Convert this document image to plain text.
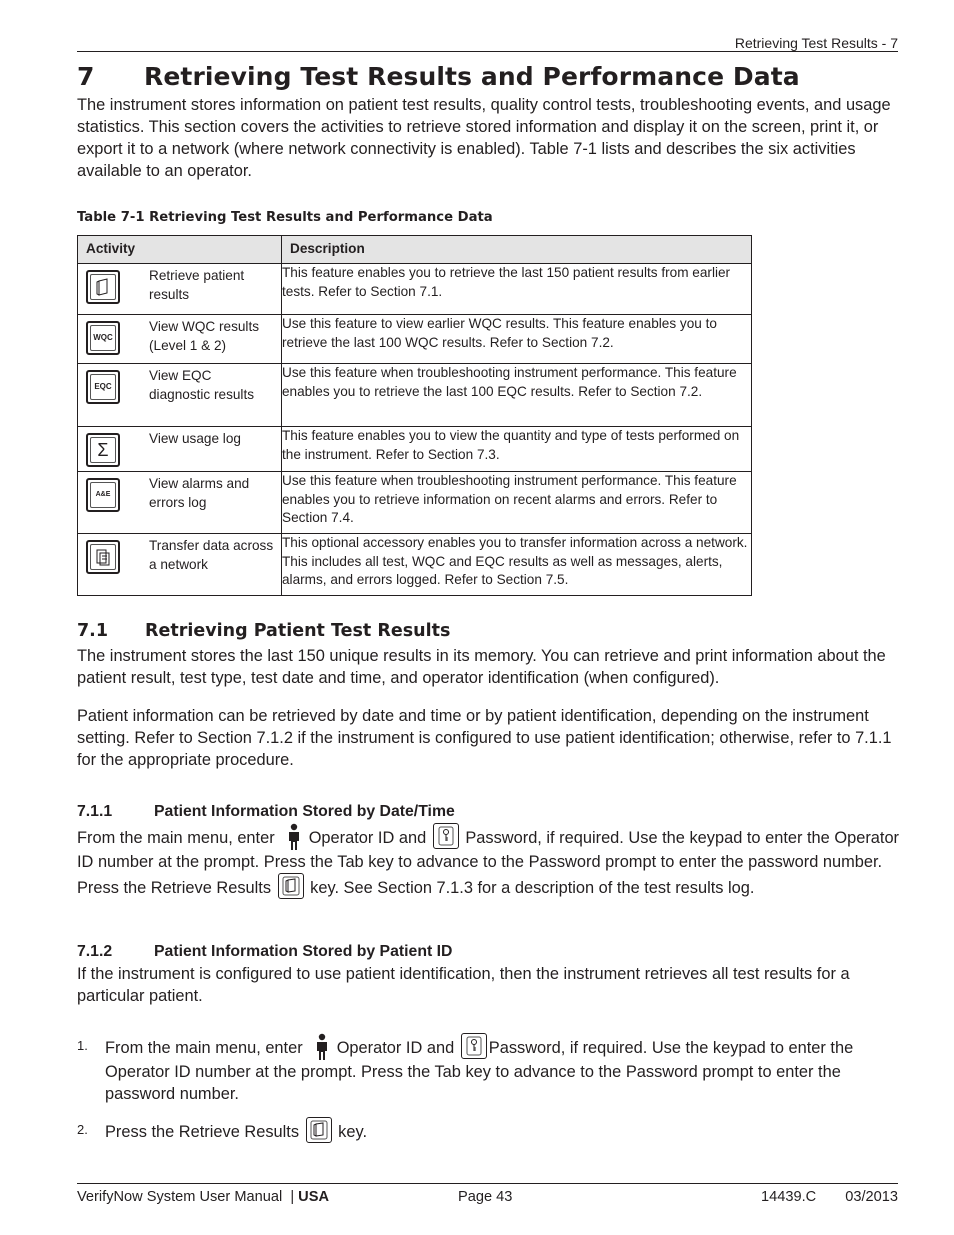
Retrieving Test Results - 7
7 Retrieving Test Results and Performance Data
The instrument stores information on patient test results, quality control tests, troubleshooting events, and usage statistics. This section covers the activities to retrieve stored information and display it on the screen, print it, or export it to a network (where network connectivity is enabled). Table 7-1 lists and describes the six activities available to an operator.
Table 7-1 Retrieving Test Results and Performance Data
Activity	Description

Retrieve patient results	This feature enables you to retrieve the last 150 patient results from earlier tests. Refer to Section 7.1.

WQC
View WQC results (Level 1 & 2)	Use this feature to view earlier WQC results. This feature enables you to retrieve the last 100 WQC results. Refer to Section 7.2.

EQC
View EQC diagnostic results	Use this feature when troubleshooting instrument performance. This feature enables you to retrieve the last 100 EQC results. Refer to Section 7.2.

Σ
View usage log	This feature enables you to view the quantity and type of tests performed on the instrument. Refer to Section 7.3.

A&E
View alarms and errors log	Use this feature when troubleshooting instrument performance. This feature enables you to retrieve information on recent alarms and errors. Refer to Section 7.4.

Transfer data across a network	This optional accessory enables you to transfer information across a network. This includes all test, WQC and EQC results as well as messages, alerts, alarms, and errors logged. Refer to Section 7.5.
7.1 Retrieving Patient Test Results
The instrument stores the last 150 unique results in its memory. You can retrieve and print information about the patient result, test type, test date and time, and operator identification (when configured).
Patient information can be retrieved by date and time or by patient identification, depending on the instrument setting. Refer to Section 7.1.2 if the instrument is configured to use patient identification; otherwise, refer to 7.1.1 for the appropriate procedure.
7.1.1	Patient Information Stored by Date/Time
From the main menu, enter Operator ID and Password, if required. Use the keypad to enter the Operator ID number at the prompt. Press the Tab key to advance to the Password prompt to enter the password number. Press the Retrieve Results key. See Section 7.1.3 for a description of the test results log.
7.1.2	Patient Information Stored by Patient ID
If the instrument is configured to use patient identification, then the instrument retrieves all test results for a particular patient.
1. From the main menu, enter Operator ID and Password, if required. Use the keypad to enter the Operator ID number at the prompt. Press the Tab key to advance to the Password prompt to enter the password number.
2. Press the Retrieve Results key.
VerifyNow System User Manual | USA	Page 43	14439.C 03/2013
